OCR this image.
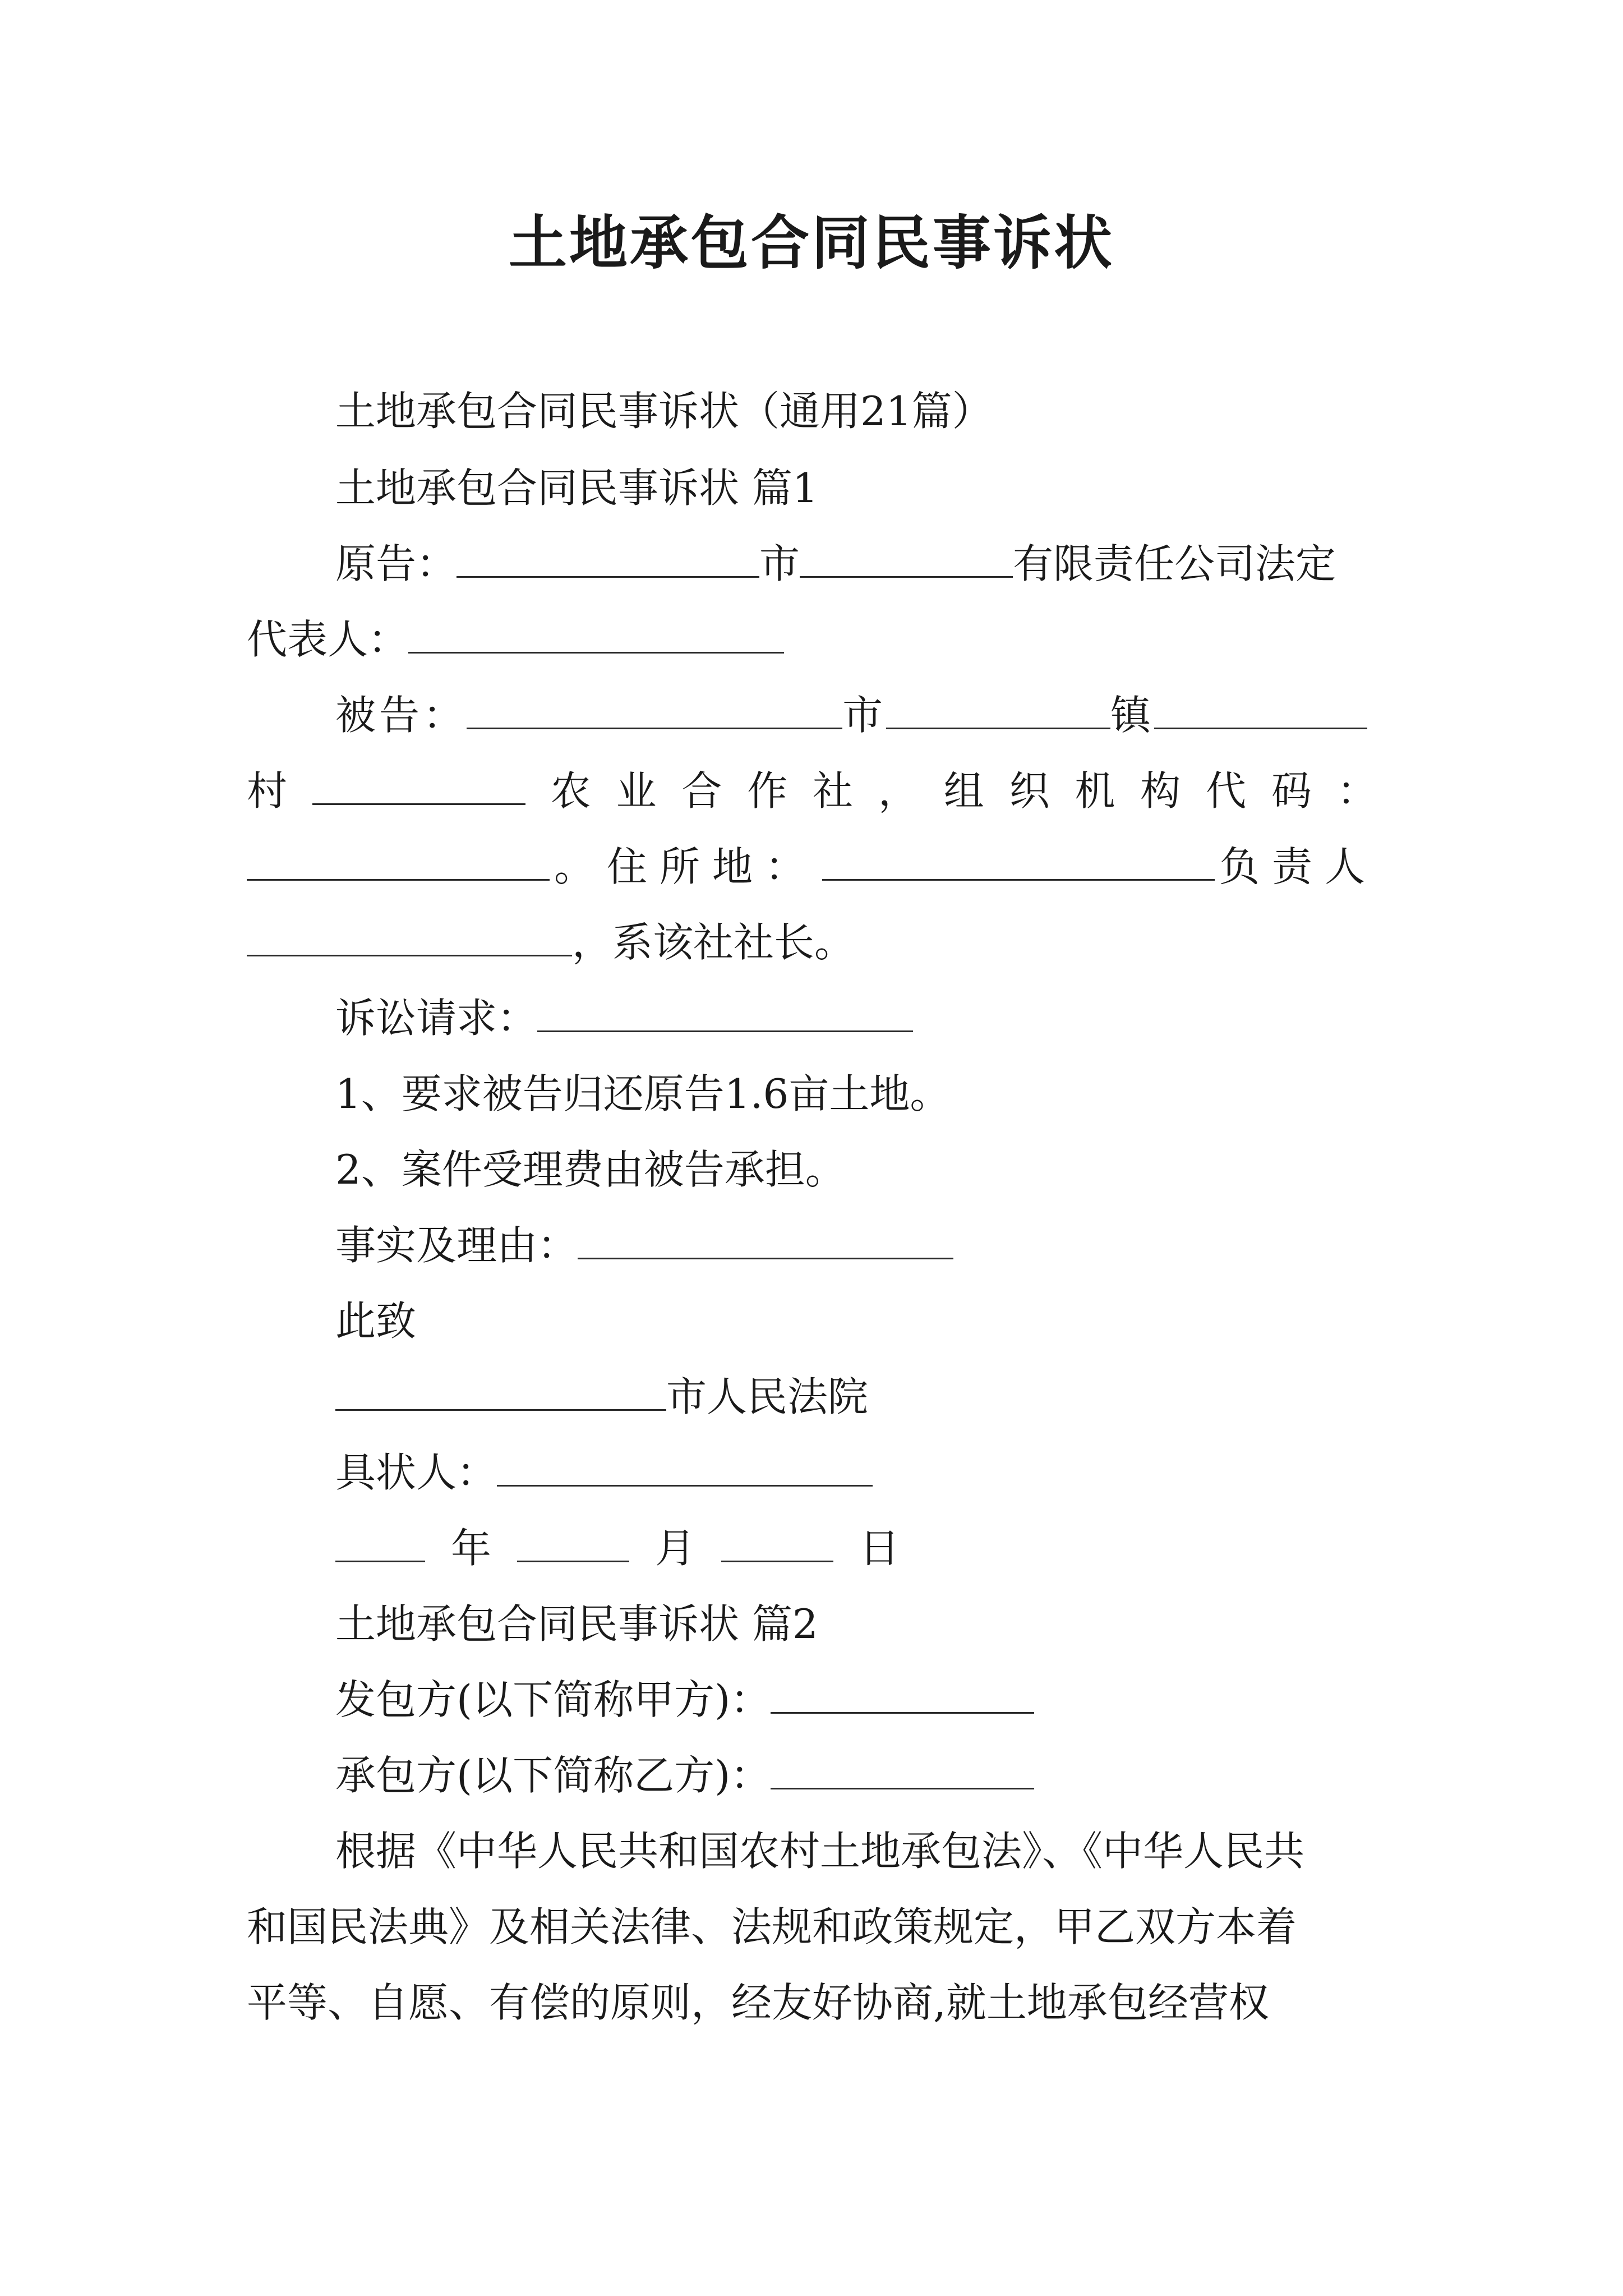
土地承包合同民事诉状
土地承包合同民事诉状（通用21篇）
土地承包合同民事诉状 篇1
原告：	市	有限责任公司法定
代表人：
被告：	市	镇
村	农 业 合 作 社 ， 组 织 机 构 代 码 ：
。住所地：	负责人
，系该社社长。
诉讼请求：
1、要求被告归还原告1.6亩土地。
2、案件受理费由被告承担。
事实及理由：
此致
市人民法院
具状人：
年	月	日
土地承包合同民事诉状 篇2
发包方(以下简称甲方)：
承包方(以下简称乙方)：
根据《中华人民共和国农村土地承包法》、《中华人民共
和国民法典》及相关法律、法规和政策规定，甲乙双方本着
平等、自愿、有偿的原则，经友好协商,就土地承包经营权
